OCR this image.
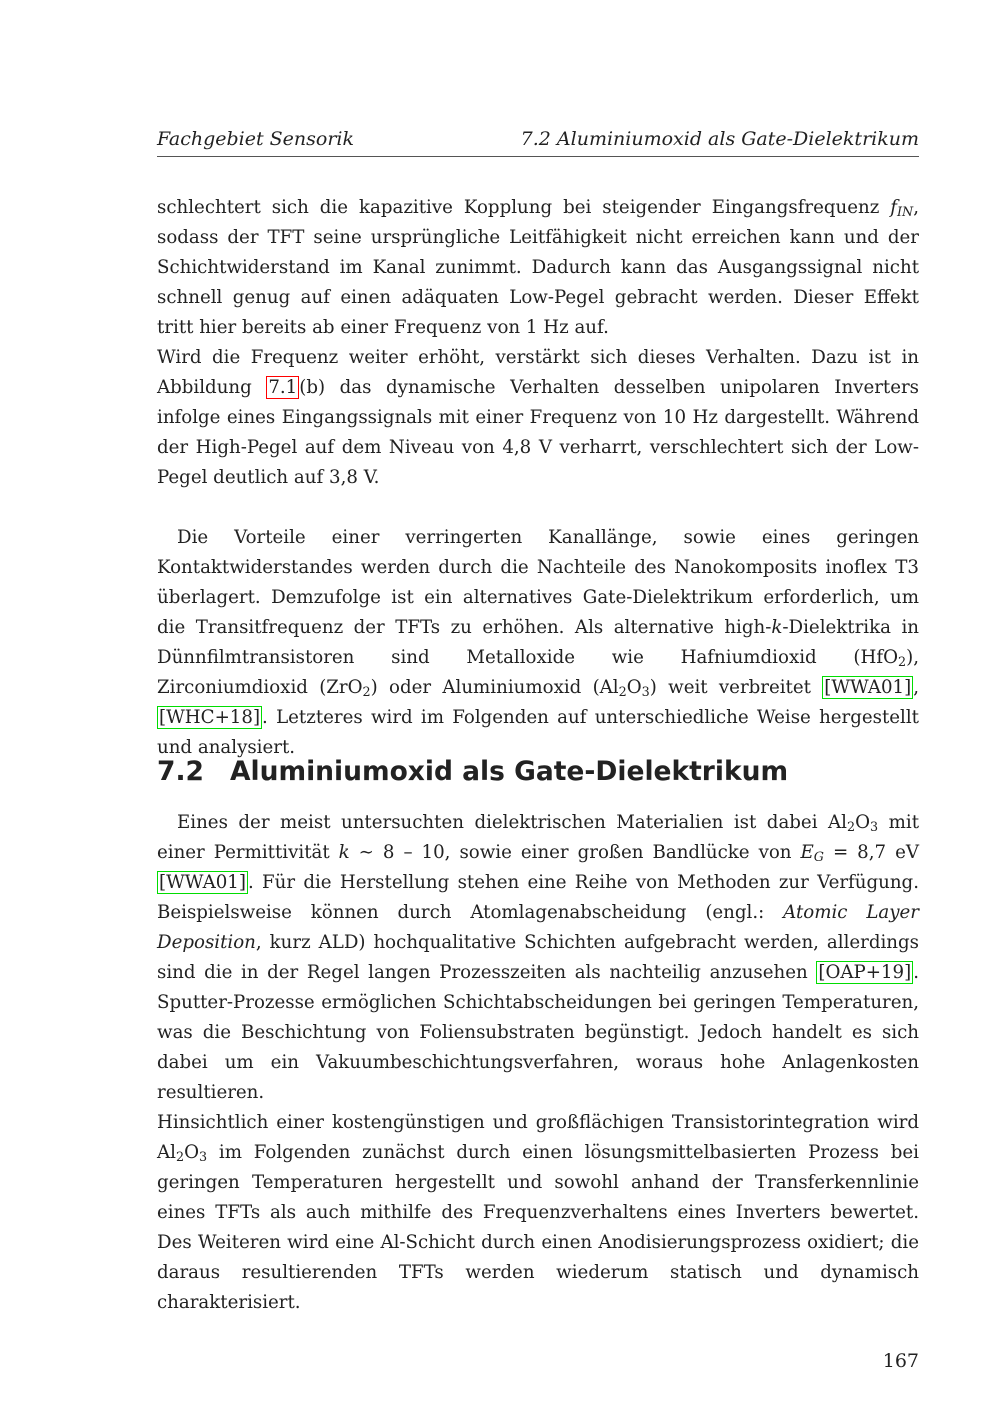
Fachgebiet Sensorik	7.2 Aluminiumoxid als Gate-Dielektrikum

schlechtert sich die kapazitive Kopplung bei steigender Eingangsfrequenz $f_{IN}$, sodass der TFT seine ursprüngliche Leitfähigkeit nicht erreichen kann und der Schichtwiderstand im Kanal zunimmt. Dadurch kann das Ausgangssignal nicht schnell genug auf einen adäquaten Low-Pegel gebracht werden. Dieser Effekt tritt hier bereits ab einer Frequenz von 1 Hz auf.

Wird die Frequenz weiter erhöht, verstärkt sich dieses Verhalten. Dazu ist in Abbildung 7.1 (b) das dynamische Verhalten desselben unipolaren Inverters infolge eines Eingangssignals mit einer Frequenz von 10 Hz dargestellt. Während der High-Pegel auf dem Niveau von 4,8 V verharrt, verschlechtert sich der Low-Pegel deutlich auf 3,8 V.

Die Vorteile einer verringerten Kanallänge, sowie eines geringen Kontaktwiderstandes werden durch die Nachteile des Nanokomposits inoflex T3 überlagert. Demzufolge ist ein alternatives Gate-Dielektrikum erforderlich, um die Transitfrequenz der TFTs zu erhöhen. Als alternative high-k-Dielektrika in Dünnfilmtransistoren sind Metalloxide wie Hafniumdioxid (HfO$_2$), Zirconiumdioxid (ZrO$_2$) oder Aluminiumoxid $(Al_2O_3)$ weit verbreitet [WWA01] ,[WHC+18] . Letzteres wird im Folgenden auf unterschiedliche Weise hergestellt und analysiert.

7.2 Aluminiumoxid als Gate-Dielektrikum

Eines der meist untersuchten dielektrischen Materialien ist dabei $Al_2O_3$ mit einer Permittivität k ∼ 8 – 10, sowie einer großen Bandlücke von $E_G = 8,7$ eV [WWA01] . Für die Herstellung stehen eine Reihe von Methoden zur Verfügung. Beispielsweise können durch Atomlagenabscheidung (engl.: Atomic Layer Deposition, kurz ALD) hochqualitative Schichten aufgebracht werden, allerdings sind die in der Regel langen Prozesszeiten als nachteilig anzusehen [OAP+19] . Sputter-Prozesse ermöglichen Schichtabscheidungen bei geringen Temperaturen, was die Beschichtung von Foliensubstraten begünstigt. Jedoch handelt es sich dabei um ein Vakuumbeschichtungsverfahren, woraus hohe Anlagenkosten resultieren.

Hinsichtlich einer kostengünstigen und großflächigen Transistorintegration wird $Al_2O_3$ im Folgenden zunächst durch einen lösungsmittelbasierten Prozess bei geringen Temperaturen hergestellt und sowohl anhand der Transferkennlinie eines TFTs als auch mithilfe des Frequenzverhaltens eines Inverters bewertet. Des Weiteren wird eine Al-Schicht durch einen Anodisierungsprozess oxidiert; die daraus resultierenden TFTs werden wiederum statisch und dynamisch charakterisiert.

167
